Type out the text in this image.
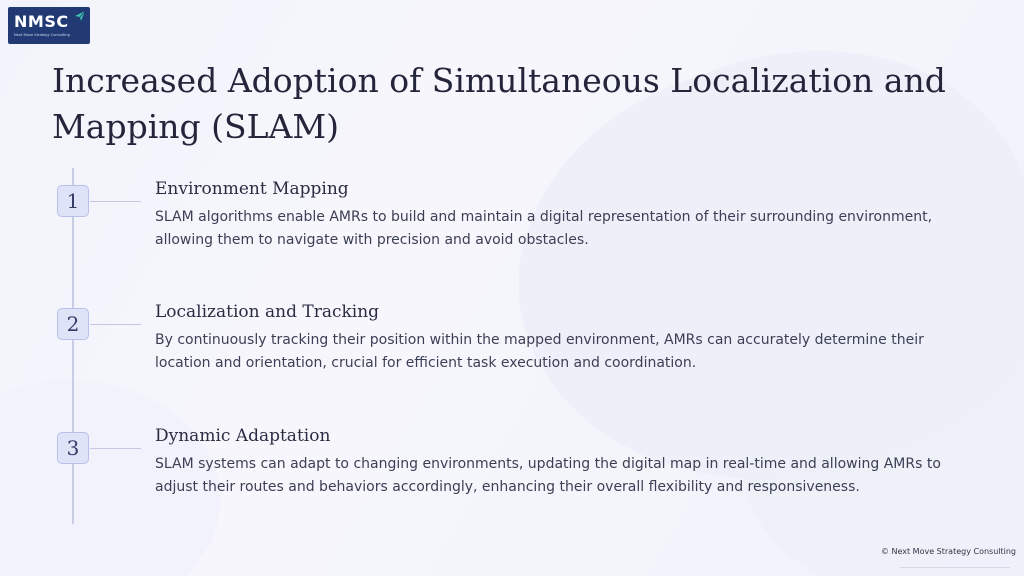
NMSC
Next Move Strategy Consulting
Increased Adoption of Simultaneous Localization and Mapping (SLAM)
1	Environment Mapping
SLAM algorithms enable AMRs to build and maintain a digital representation of their surrounding environment, allowing them to navigate with precision and avoid obstacles.
2	Localization and Tracking
By continuously tracking their position within the mapped environment, AMRs can accurately determine their location and orientation, crucial for efficient task execution and coordination.
3	Dynamic Adaptation
SLAM systems can adapt to changing environments, updating the digital map in real-time and allowing AMRs to adjust their routes and behaviors accordingly, enhancing their overall flexibility and responsiveness.
© Next Move Strategy Consulting
